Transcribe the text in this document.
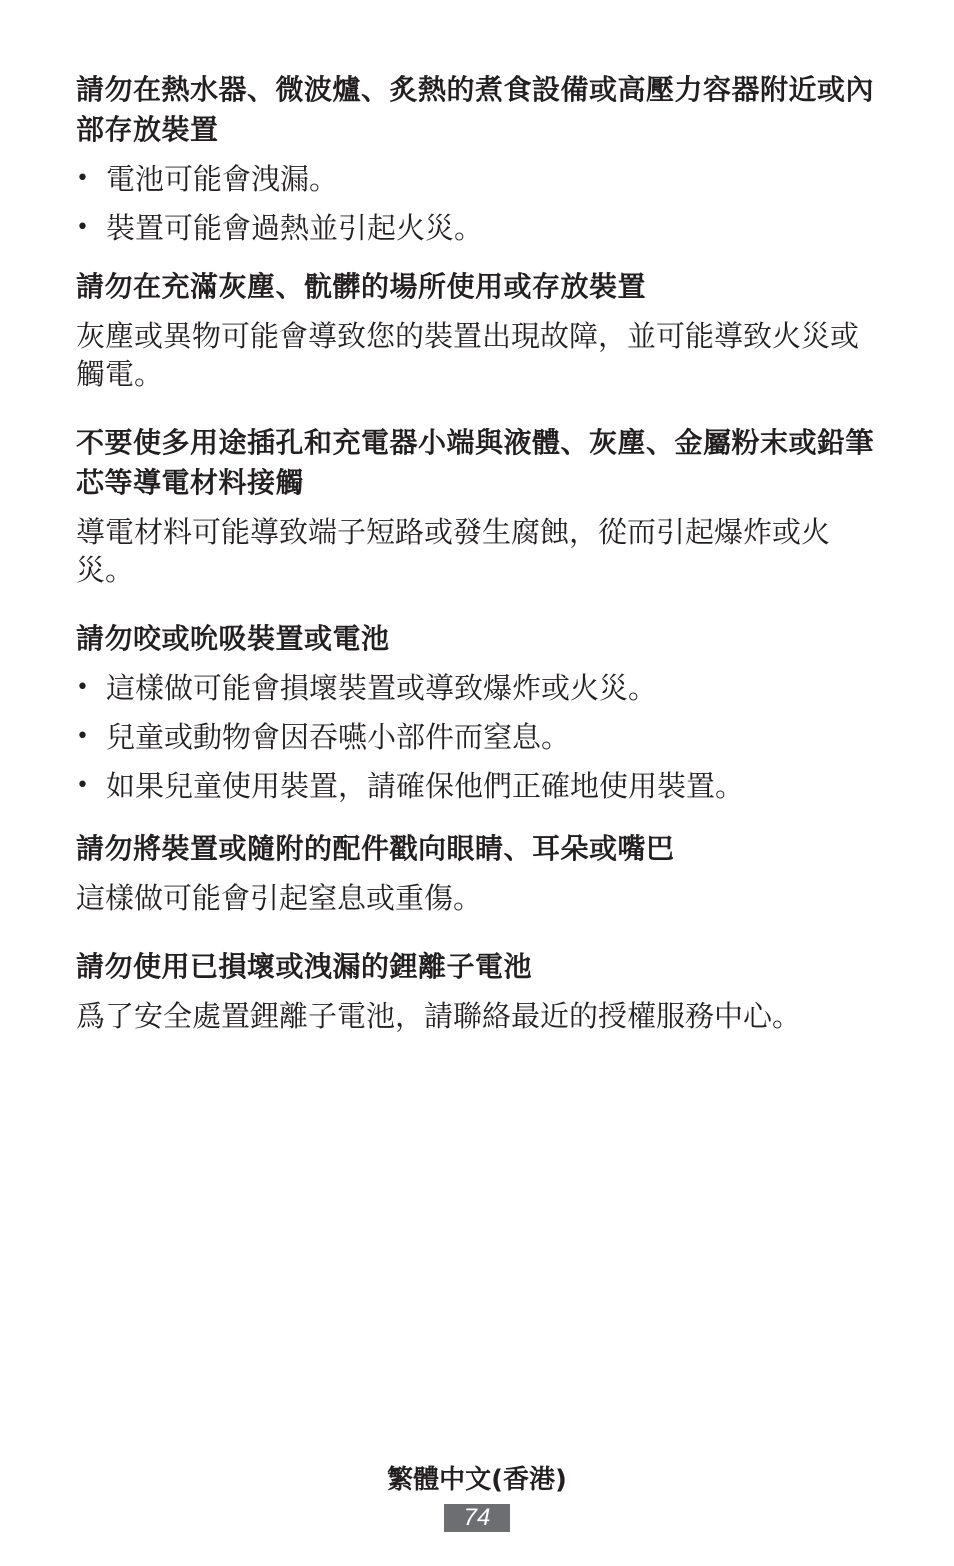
請勿在熱水器、微波爐、炙熱的煮食設備或高壓力容器附近或內部存放裝置
• 電池可能會洩漏。
• 裝置可能會過熱並引起火災。
請勿在充滿灰塵、骯髒的場所使用或存放裝置

灰塵或異物可能會導致您的裝置出現故障，並可能導致火災或觸電。

不要使多用途插孔和充電器小端與液體、灰塵、金屬粉末或鉛筆芯等導電材料接觸

導電材料可能導致端子短路或發生腐蝕，從而引起爆炸或火災。

請勿咬或吮吸裝置或電池
• 這樣做可能會損壞裝置或導致爆炸或火災。
• 兒童或動物會因吞嚥小部件而窒息。
• 如果兒童使用裝置，請確保他們正確地使用裝置。
請勿將裝置或隨附的配件戳向眼睛、耳朵或嘴巴

這樣做可能會引起窒息或重傷。

請勿使用已損壞或洩漏的鋰離子電池

爲了安全處置鋰離子電池，請聯絡最近的授權服務中心。

繁體中文(香港)
74
